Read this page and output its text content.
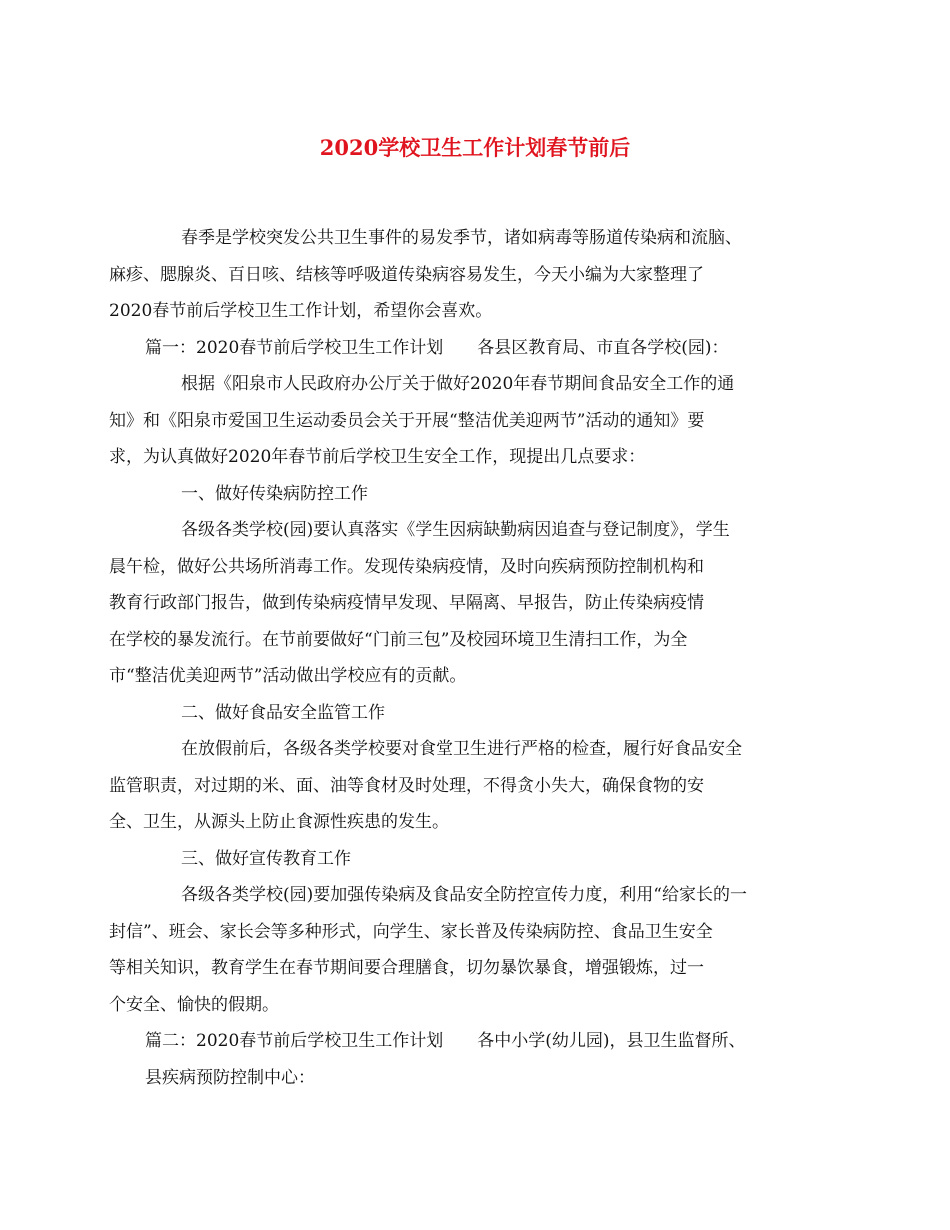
2020学校卫生工作计划春节前后
春季是学校突发公共卫生事件的易发季节，诸如病毒等肠道传染病和流脑、
麻疹、腮腺炎、百日咳、结核等呼吸道传染病容易发生，今天小编为大家整理了
2020春节前后学校卫生工作计划，希望你会喜欢。
篇一：2020春节前后学校卫生工作计划　　各县区教育局、市直各学校(园)：
根据《阳泉市人民政府办公厅关于做好2020年春节期间食品安全工作的通
知》和《阳泉市爱国卫生运动委员会关于开展“整洁优美迎两节”活动的通知》要
求，为认真做好2020年春节前后学校卫生安全工作，现提出几点要求：
一、做好传染病防控工作
各级各类学校(园)要认真落实《学生因病缺勤病因追查与登记制度》，学生
晨午检，做好公共场所消毒工作。发现传染病疫情，及时向疾病预防控制机构和
教育行政部门报告，做到传染病疫情早发现、早隔离、早报告，防止传染病疫情
在学校的暴发流行。在节前要做好“门前三包”及校园环境卫生清扫工作，为全
市“整洁优美迎两节”活动做出学校应有的贡献。
二、做好食品安全监管工作
在放假前后，各级各类学校要对食堂卫生进行严格的检查，履行好食品安全
监管职责，对过期的米、面、油等食材及时处理，不得贪小失大，确保食物的安
全、卫生，从源头上防止食源性疾患的发生。
三、做好宣传教育工作
各级各类学校(园)要加强传染病及食品安全防控宣传力度，利用“给家长的一
封信”、班会、家长会等多种形式，向学生、家长普及传染病防控、食品卫生安全
等相关知识，教育学生在春节期间要合理膳食，切勿暴饮暴食，增强锻炼，过一
个安全、愉快的假期。
篇二：2020春节前后学校卫生工作计划　　各中小学(幼儿园)，县卫生监督所、
县疾病预防控制中心：
